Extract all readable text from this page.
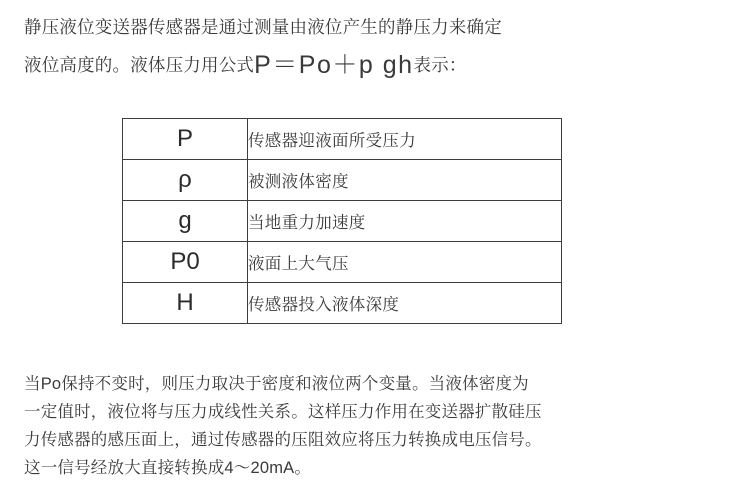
静压液位变送器传感器是通过测量由液位产生的静压力来确定
液位高度的。液体压力用公式P＝Po＋p gh表示：
P	传感器迎液面所受压力
ρ	被测液体密度
g	当地重力加速度
P0	液面上大气压
H	传感器投入液体深度

当Po保持不变时，则压力取决于密度和液位两个变量。当液体密度为

一定值时，液位将与压力成线性关系。这样压力作用在变送器扩散硅压

力传感器的感压面上，通过传感器的压阻效应将压力转换成电压信号。

这一信号经放大直接转换成4～20mA。
